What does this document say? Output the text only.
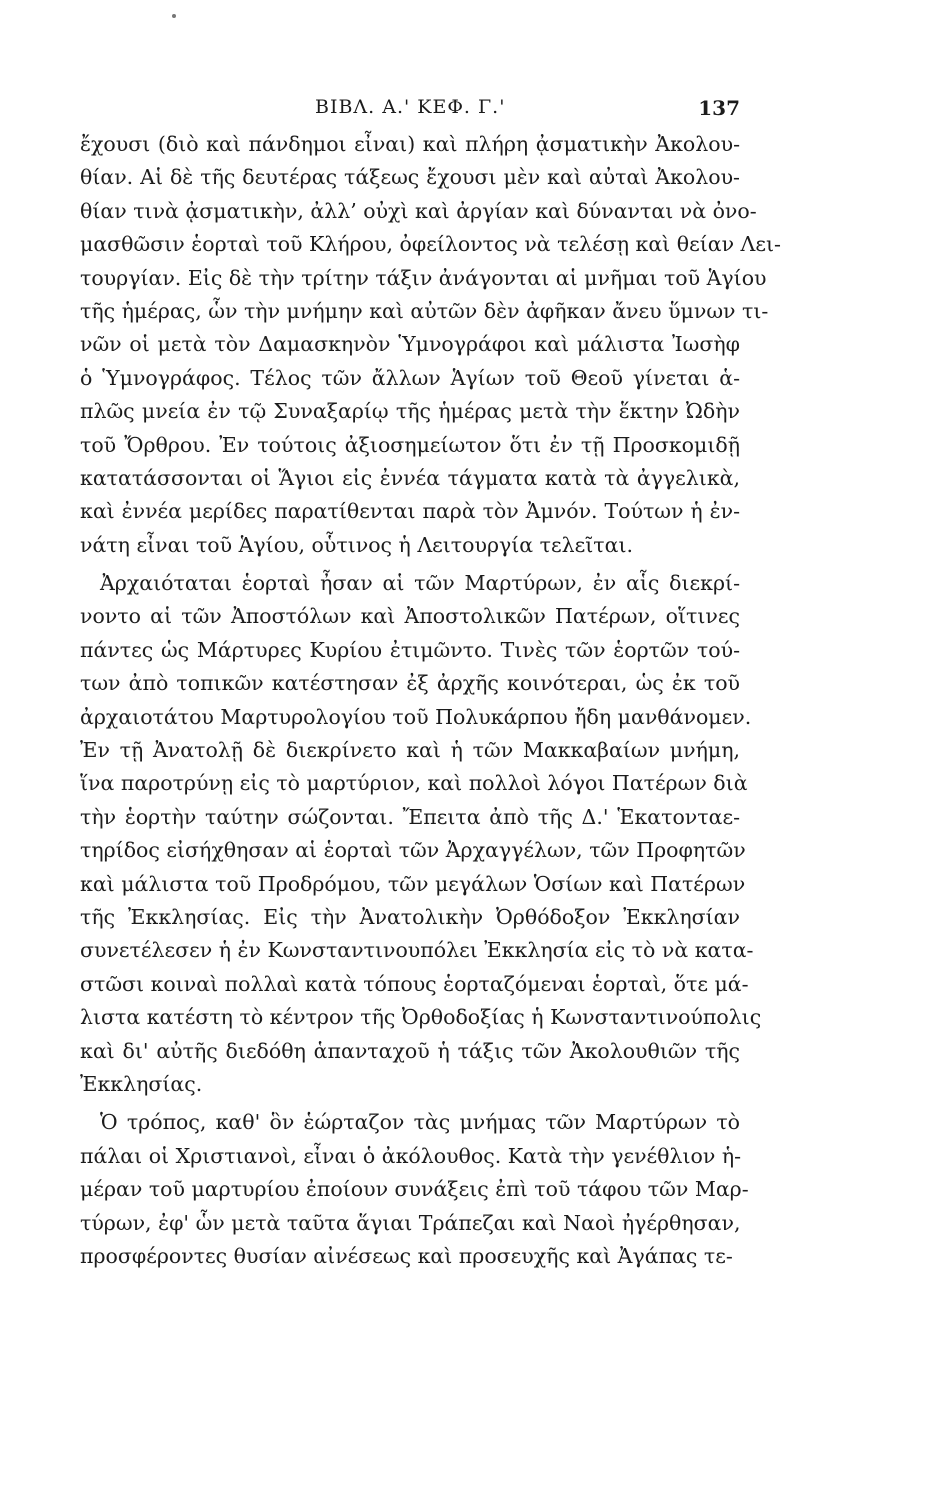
ΒΙΒΛ. Α.' ΚΕΦ. Γ.'	137
ἔχουσι (διὸ καὶ πάνδημοι εἶναι) καὶ πλήρη ᾀσματικὴν Ἀκολου-
θίαν. Αἱ δὲ τῆς δευτέρας τάξεως ἔχουσι μὲν καὶ αὐταὶ Ἀκολου-
θίαν τινὰ ᾀσματικὴν, ἀλλ’ οὐχὶ καὶ ἀργίαν καὶ δύνανται νὰ ὀνο-
μασθῶσιν ἑορταὶ τοῦ Κλήρου, ὀφείλοντος νὰ τελέσῃ καὶ θείαν Λει-
τουργίαν. Εἰς δὲ τὴν τρίτην τάξιν ἀνάγονται αἱ μνῆμαι τοῦ Ἁγίου
τῆς ἡμέρας, ὧν τὴν μνήμην καὶ αὐτῶν δὲν ἀφῆκαν ἄνευ ὕμνων τι-
νῶν οἱ μετὰ τὸν Δαμασκηνὸν Ὑμνογράφοι καὶ μάλιστα Ἰωσὴφ
ὁ Ὑμνογράφος. Τέλος τῶν ἄλλων Ἁγίων τοῦ Θεοῦ γίνεται ἁ-
πλῶς μνεία ἐν τῷ Συναξαρίῳ τῆς ἡμέρας μετὰ τὴν ἕκτην Ὠδὴν
τοῦ Ὄρθρου. Ἐν τούτοις ἀξιοσημείωτον ὅτι ἐν τῇ Προσκομιδῇ
κατατάσσονται οἱ Ἅγιοι εἰς ἐννέα τάγματα κατὰ τὰ ἀγγελικὰ,
καὶ ἐννέα μερίδες παρατίθενται παρὰ τὸν Ἀμνόν. Τούτων ἡ ἐν-
νάτη εἶναι τοῦ Ἁγίου, οὗτινος ἡ Λειτουργία τελεῖται.
Ἀρχαιόταται ἑορταὶ ἦσαν αἱ τῶν Μαρτύρων, ἐν αἷς διεκρί-
νοντο αἱ τῶν Ἀποστόλων καὶ Ἀποστολικῶν Πατέρων, οἵτινες
πάντες ὡς Μάρτυρες Κυρίου ἐτιμῶντο. Τινὲς τῶν ἑορτῶν τού-
των ἀπὸ τοπικῶν κατέστησαν ἐξ ἀρχῆς κοινότεραι, ὡς ἐκ τοῦ
ἀρχαιοτάτου Μαρτυρολογίου τοῦ Πολυκάρπου ἤδη μανθάνομεν.
Ἐν τῇ Ἀνατολῇ δὲ διεκρίνετο καὶ ἡ τῶν Μακκαβαίων μνήμη,
ἵνα παροτρύνῃ εἰς τὸ μαρτύριον, καὶ πολλοὶ λόγοι Πατέρων διὰ
τὴν ἑορτὴν ταύτην σώζονται. Ἔπειτα ἀπὸ τῆς Δ.' Ἑκατονταε-
τηρίδος εἰσήχθησαν αἱ ἑορταὶ τῶν Ἀρχαγγέλων, τῶν Προφητῶν
καὶ μάλιστα τοῦ Προδρόμου, τῶν μεγάλων Ὁσίων καὶ Πατέρων
τῆς Ἐκκλησίας. Εἰς τὴν Ἀνατολικὴν Ὀρθόδοξον Ἐκκλησίαν
συνετέλεσεν ἡ ἐν Κωνσταντινουπόλει Ἐκκλησία εἰς τὸ νὰ κατα-
στῶσι κοιναὶ πολλαὶ κατὰ τόπους ἑορταζόμεναι ἑορταὶ, ὅτε μά-
λιστα κατέστη τὸ κέντρον τῆς Ὀρθοδοξίας ἡ Κωνσταντινούπολις
καὶ δι' αὐτῆς διεδόθη ἁπανταχοῦ ἡ τάξις τῶν Ἀκολουθιῶν τῆς
Ἐκκλησίας.
Ὁ τρόπος, καθ' ὃν ἑώρταζον τὰς μνήμας τῶν Μαρτύρων τὸ
πάλαι οἱ Χριστιανοὶ, εἶναι ὁ ἀκόλουθος. Κατὰ τὴν γενέθλιον ἡ-
μέραν τοῦ μαρτυρίου ἐποίουν συνάξεις ἐπὶ τοῦ τάφου τῶν Μαρ-
τύρων, ἐφ' ὧν μετὰ ταῦτα ἅγιαι Τράπεζαι καὶ Ναοὶ ἠγέρθησαν,
προσφέροντες θυσίαν αἰνέσεως καὶ προσευχῆς καὶ Ἀγάπας τε-
